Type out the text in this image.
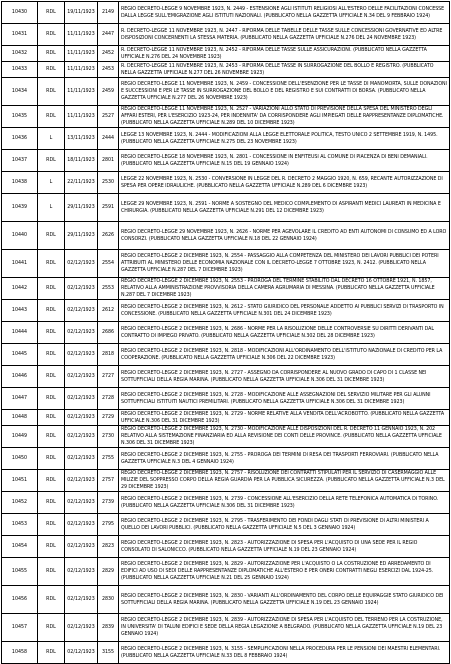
10430	RDL	19/11/1923	2149	REGIO DECRETO-LEGGE 9 NOVEMBRE 1923, N. 2449 - ESTENSIONE AGLI ISTITUTI RELIGIOSI ALL'ESTERO DELLE FACILITAZIONI CONCESSE DALLA LEGGE SULL'EMIGRAZIONE AGLI ISTITUTI NAZIONALI. (PUBBLICATO NELLA GAZZETTA UFFICIALE N.34 DEL 9 FEBBRAIO 1924)
10431	RDL	11/11/1923	2447	R. DECRETO-LEGGE 11 NOVEMBRE 1923, N. 2447 - RIFORMA DELLE TABELLE DELLE TASSE SULLE CONCESSIONI GOVERNATIVE ED ALTRE DISPOSIZIONI CONCERNENTI LA STESSA MATERIA. (PUBBLICATO NELLA GAZZETTA UFFICIALE N.276 DEL 24 NOVEMBRE 1923)
10432	RDL	11/11/1923	2452	R. DECRETO-LEGGE 11 NOVEMBRE 1923, N. 2452 - RIFORMA DELLE TASSE SULLE ASSICURAZIONI. (PUBBLICATO NELLA GAZZETTA UFFICIALE N.276 DEL 24 NOVEMBRE 1923)
10433	RDL	11/11/1923	2453	R. DECRETO-LEGGE 11 NOVEMBRE 1923, N. 2453 - RIFORMA DELLE TASSE IN SURROGAZIONE DEL BOLLO E REGISTRO. (PUBBLICATO NELLA GAZZETTA UFFICIALE N.277 DEL 26 NOVEMBRE 1923)
10434	RDL	11/11/1923	2459	REGIO DECRETO-LEGGE 11 NOVEMBRE 1923, N. 2459 - CONCESSIONE DELL'ESENZIONE PER LE TASSE DI MANOMORTA, SULLE DONAZIONI E SUCCESSIONI E PER LE TASSE IN SURROGAZIONE DEL BOLLO E DEL REGISTRO E SUI CONTRATTI DI BORSA. (PUBBLICATO NELLA GAZZETTA UFFICIALE N.277 DEL 26 NOVEMBRE 1923)
10435	RDL	11/11/1923	2527	REGIO DECRETO-LEGGE 11 NOVEMBRE 1923, N. 2527 - VARIAZIONI ALLO STATO DI PREVISIONE DELLA SPESA DEL MINISTERO DEGLI AFFARI ESTERI, PER L'ESERCIZIO 1923-24, PER INDENNITA' DA CORRISPONDERE AGLI IMPIEGATI DELLE RAPPRESENTANZE DIPLOMATICHE. (PUBBLICATO NELLA GAZZETTA UFFICIALE N.289 DEL 10 DICEMBRE 1923)
10436	L	13/11/1923	2444	LEGGE 13 NOVEMBRE 1923, N. 2444 - MODIFICAZIONI ALLA LEGGE ELETTORALE POLITICA, TESTO UNICO 2 SETTEMBRE 1919, N. 1495. (PUBBLICATO NELLA GAZZETTA UFFICIALE N.275 DEL 23 NOVEMBRE 1923)
10437	RDL	18/11/1923	2801	REGIO DECRETO-LEGGE 18 NOVEMBRE 1923, N. 2801 - CONCESSIONE IN ENFITEUSI AL COMUNE DI PIACENZA DI BENI DEMANIALI. (PUBBLICATO NELLA GAZZETTA UFFICIALE N.15 DEL 19 GENNAIO 1924)
10438	L	22/11/1923	2530	LEGGE 22 NOVEMBRE 1923, N. 2530 - CONVERSIONE IN LEGGE DEL R. DECRETO 2 MAGGIO 1920, N. 659, RECANTE AUTORIZZAZIONE DI SPESA PER OPERE IDRAULICHE. (PUBBLICATO NELLA GAZZETTA UFFICIALE N.289 DEL 6 DICEMBRE 1923)
10439	L	29/11/1923	2591	LEGGE 29 NOVEMBRE 1923, N. 2591 - NORME A SOSTEGNO DEL MEDICO COMPLEMENTO DI ASPIRANTI MEDICI LAUREATI IN MEDICINA E CHIRURGIA. (PUBBLICATO NELLA GAZZETTA UFFICIALE N.291 DEL 12 DICEMBRE 1923)
10440	RDL	29/11/1923	2626	REGIO DECRETO-LEGGE 29 NOVEMBRE 1923, N. 2626 - NORME PER AGEVOLARE IL CREDITO AD ENTI AUTONOMI DI CONSUMO ED A LORO CONSORZI. (PUBBLICATO NELLA GAZZETTA UFFICIALE N.18 DEL 22 GENNAIO 1924)
10441	RDL	02/12/1923	2554	REGIO DECRETO-LEGGE 2 DICEMBRE 1923, N. 2554 - PASSAGGIO ALLA COMPETENZA DEL MINISTERO DEI LAVORI PUBBLICI DEI POTERI ATTRIBUITI AL MINISTERO DELLE ECONOMIA NAZIONALE CON IL DECRETO-LEGGE 7 OTTOBRE 1923, N. 2412. (PUBBLICATO NELLA GAZZETTA UFFICIALE N.287 DEL 7 DICEMBRE 1923)
10442	RDL	02/12/1923	2553	REGIO DECRETO-LEGGE 2 DICEMBRE 1923, N. 2553 - PROROGA DEL TERMINE STABILITO DAL DECRETO 16 OTTOBRE 1921, N. 1857, RELATIVO ALLA AMMINISTRAZIONE PROVVISORIA DELLA CAMERA AGRUMARIA DI MESSINA. (PUBBLICATO NELLA GAZZETTA UFFICIALE N.287 DEL 7 DICEMBRE 1923)
10443	RDL	02/12/1923	2612	REGIO DECRETO-LEGGE 2 DICEMBRE 1923, N. 2612 - STATO GIURIDICO DEL PERSONALE ADDETTO AI PUBBLICI SERVIZI DI TRASPORTO IN CONCESSIONE. (PUBBLICATO NELLA GAZZETTA UFFICIALE N.301 DEL 24 DICEMBRE 1923)
10444	RDL	02/12/1923	2686	REGIO DECRETO-LEGGE 2 DICEMBRE 1923, N. 2686 - NORME PER LA RISOLUZIONE DELLE CONTROVERSIE SU DIRITTI DERIVANTI DAL CONTRATTO DI IMPIEGO PRIVATO. (PUBBLICATO NELLA GAZZETTA UFFICIALE N.302 DEL 28 DICEMBRE 1923)
10445	RDL	02/12/1923	2818	REGIO DECRETO-LEGGE 2 DICEMBRE 1923, N. 2818 - MODIFICAZIONI ALL'ORDINAMENTO DELL'ISTITUTO NAZIONALE DI CREDITO PER LA COOPERAZIONE. (PUBBLICATO NELLA GAZZETTA UFFICIALE N.306 DEL 22 DICEMBRE 1923)
10446	RDL	02/12/1923	2727	REGIO DECRETO-LEGGE 2 DICEMBRE 1923, N. 2727 - ASSEGNO DA CORRISPONDERE AL NUOVO GRADO DI CAPO DI 1 CLASSE NEI SOTTUFFICIALI DELLA REGIA MARINA. (PUBBLICATO NELLA GAZZETTA UFFICIALE N.306 DEL 31 DICEMBRE 1923)
10447	RDL	02/12/1923	2728	REGIO DECRETO-LEGGE 2 DICEMBRE 1923, N. 2728 - MODIFICAZIONE ALLE ASSEGNAZIONI DEL SERVIZIO MILITARE PER GLI ALUNNI SOTTUFFICIALI ISTITUITI NAUTICI PREMILITARI. (PUBBLICATO NELLA GAZZETTA UFFICIALE N.306 DEL 31 DICEMBRE 1923)
10448	RDL	02/12/1923	2729	REGIO DECRETO-LEGGE 2 DICEMBRE 1923, N. 2729 - NORME RELATIVE ALLA VENDITA DELL'ACROBOTTO. (PUBBLICATO NELLA GAZZETTA UFFICIALE N.306 DEL 31 DICEMBRE 1923)
10449	RDL	02/12/1923	2730	REGIO DECRETO-LEGGE 2 DICEMBRE 1923, N. 2730 - MODIFICAZIONE ALLE DISPOSIZIONI DEL R. DECRETO 11 GENNAIO 1923, N. 202 RELATIVO ALLA SISTEMAZIONE FINANZIARIA ED ALLA REVISIONE DEI CONTI DELLE PROVINCE. (PUBBLICATO NELLA GAZZETTA UFFICIALE N.306 DEL 31 DICEMBRE 1923)
10450	RDL	02/12/1923	2755	REGIO DECRETO-LEGGE 2 DICEMBRE 1923, N. 2755 - PROROGA DEI TERMINI DI RESA DEI TRASPORTI FERROVIARI. (PUBBLICATO NELLA GAZZETTA UFFICIALE N.3 DEL 4 GENNAIO 1924)
10451	RDL	02/12/1923	2757	REGIO DECRETO-LEGGE 2 DICEMBRE 1923, N. 2757 - RISOLUZIONE DEI CONTRATTI STIPULATI PER IL SERVIZIO DI CASERMAGGIO ALLE MILIZIE DEL SOPPRESSO CORPO DELLA REGIA GUARDIA PER LA PUBBLICA SICUREZZA. (PUBBLICATO NELLA GAZZETTA UFFICIALE N.3 DEL 29 DICEMBRE 1923)
10452	RDL	02/12/1923	2739	REGIO DECRETO-LEGGE 2 DICEMBRE 1923, N. 2739 - CONCESSIONE ALL'ESERCIZIO DELLA RETE TELEFONICA AUTOMATICA DI TORINO. (PUBBLICATO NELLA GAZZETTA UFFICIALE N.306 DEL 31 DICEMBRE 1923)
10453	RDL	02/12/1923	2795	REGIO DECRETO-LEGGE 2 DICEMBRE 1923, N. 2795 - TRASFERIMENTO DEI FONDI DAGLI STATI DI PREVISIONE DI ALTRI MINISTERI A QUELLO DEI LAVORI PUBBLICI. (PUBBLICATO NELLA GAZZETTA UFFICIALE N.5 DEL 3 GENNAIO 1924)
10454	RDL	02/12/1923	2823	REGIO DECRETO-LEGGE 2 DICEMBRE 1923, N. 2823 - AUTORIZZAZIONE DI SPESA PER L'ACQUISTO DI UNA SEDE PER IL REGIO CONSOLATO DI SALONICCO. (PUBBLICATO NELLA GAZZETTA UFFICIALE N.19 DEL 23 GENNAIO 1924)
10455	RDL	02/12/1923	2829	REGIO DECRETO-LEGGE 2 DICEMBRE 1923, N. 2829 - AUTORIZZAZIONE PER L'ACQUISTO O LA COSTRUZIONE ED ARREDAMENTO DI EDIFICI AD USO DI SEDI DELLE RAPPRESENTANZE DIPLOMATICHE ALL'ESTERO E PER ONERI CONTRATTI NEGLI ESERCIZI DAL 1924-25. (PUBBLICATO NELLA GAZZETTA UFFICIALE N.21 DEL 25 GENNAIO 1924)
10456	RDL	02/12/1923	2830	REGIO DECRETO-LEGGE 2 DICEMBRE 1923, N. 2830 - VARIANTI ALL'ORDINAMENTO DEL CORPO DELLE EQUIPAGGIE STATO GIURIDICO DEI SOTTUFFICIALI DELLA REGIA MARINA. (PUBBLICATO NELLA GAZZETTA UFFICIALE N.19 DEL 23 GENNAIO 1924)
10457	RDL	02/12/1923	2839	REGIO DECRETO-LEGGE 2 DICEMBRE 1923, N. 2839 - AUTORIZZAZIONE DI SPESA PER L'ACQUISTO DEL TERRENO PER LA COSTRUZIONE, IN UNIVERSITA' DI TALUNI EDIFICI E SEDE DELLA REGIA LEGAZIONE A BELGRADO. (PUBBLICATO NELLA GAZZETTA UFFICIALE N.19 DEL 23 GENNAIO 1924)
10458	RDL	02/12/1923	3155	REGIO DECRETO-LEGGE 2 DICEMBRE 1923, N. 3155 - SEMPLIFICAZIONI NELLA PROCEDURA PER LE PENSIONI DEI MAESTRI ELEMENTARI. (PUBBLICATO NELLA GAZZETTA UFFICIALE N.33 DEL 8 FEBBRAIO 1924)
